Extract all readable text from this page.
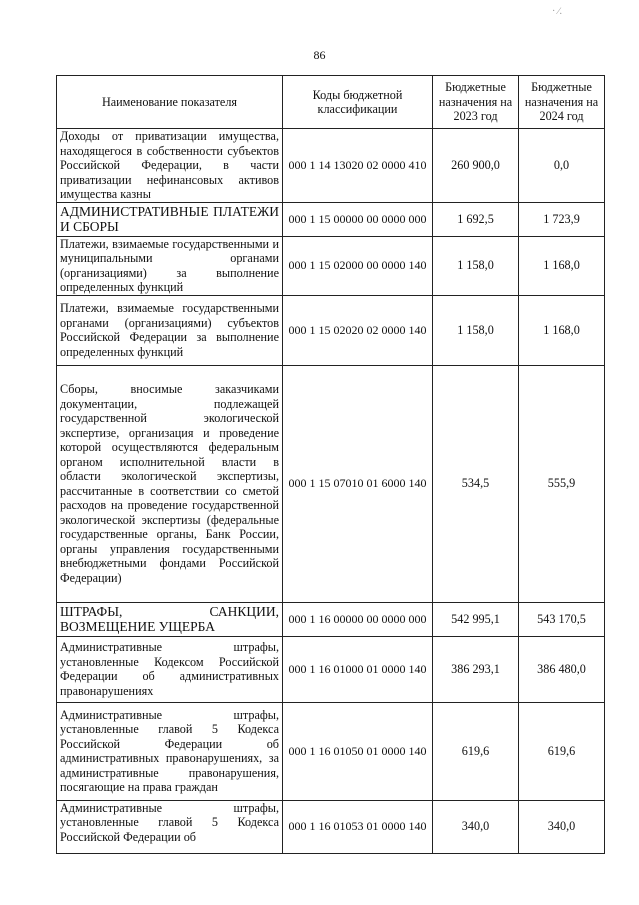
· ∕.
86
Наименование показателя	Коды бюджетной классификации	Бюджетные назначения на 2023 год	Бюджетные назначения на 2024 год
Доходы от приватизации имущества, находящегося в собственности субъектов Российской Федерации, в части приватизации нефинансовых активов имущества казны	000 1 14 13020 02 0000 410	260 900,0	0,0
АДМИНИСТРАТИВНЫЕ ПЛАТЕЖИ И СБОРЫ	000 1 15 00000 00 0000 000	1 692,5	1 723,9
Платежи, взимаемые государственными и муниципальными органами (организациями) за выполнение определенных функций	000 1 15 02000 00 0000 140	1 158,0	1 168,0
Платежи, взимаемые государственными органами (организациями) субъектов Российской Федерации за выполнение определенных функций	000 1 15 02020 02 0000 140	1 158,0	1 168,0
Сборы, вносимые заказчиками документации, подлежащей государственной экологической экспертизе, организация и проведение которой осуществляются федеральным органом исполнительной власти в области экологической экспертизы, рассчитанные в соответствии со сметой расходов на проведение государственной экологической экспертизы (федеральные государственные органы, Банк России, органы управления государственными внебюджетными фондами Российской Федерации)	000 1 15 07010 01 6000 140	534,5	555,9
ШТРАФЫ, САНКЦИИ, ВОЗМЕЩЕНИЕ УЩЕРБА	000 1 16 00000 00 0000 000	542 995,1	543 170,5
Административные штрафы, установленные Кодексом Российской Федерации об административных правонарушениях	000 1 16 01000 01 0000 140	386 293,1	386 480,0
Административные штрафы, установленные главой 5 Кодекса Российской Федерации об административных правонарушениях, за административные правонарушения, посягающие на права граждан	000 1 16 01050 01 0000 140	619,6	619,6
Административные штрафы, установленные главой 5 Кодекса Российской Федерации об	000 1 16 01053 01 0000 140	340,0	340,0
